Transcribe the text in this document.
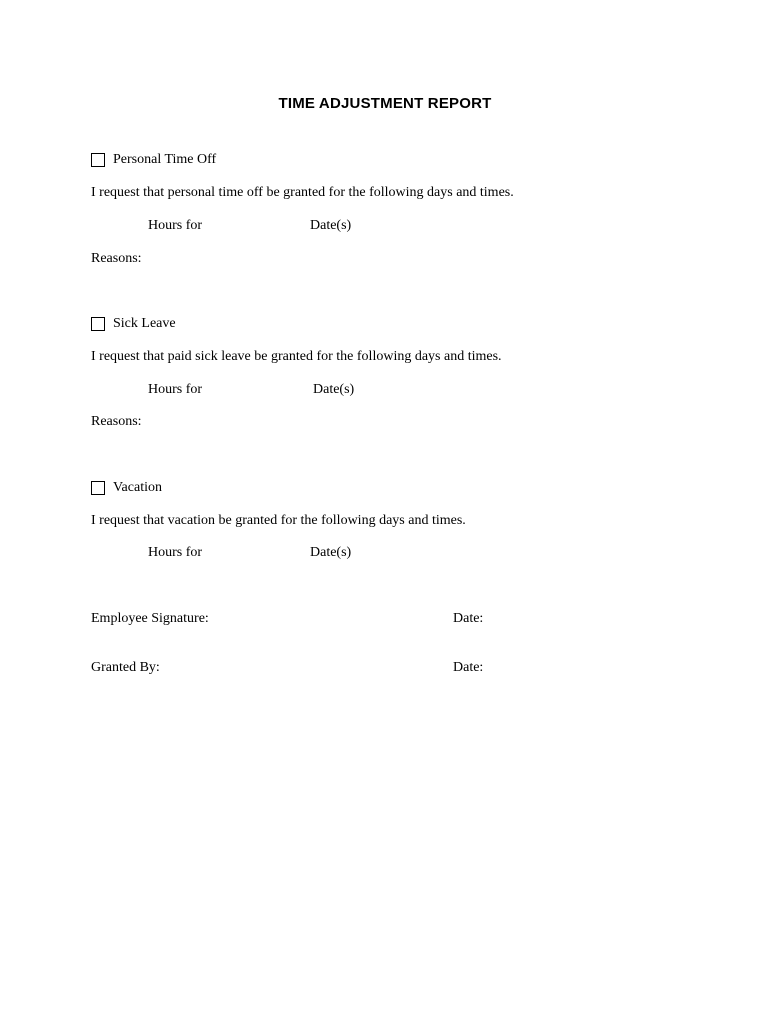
TIME ADJUSTMENT REPORT
Personal Time Off
I request that personal time off be granted for the following days and times.
Hours for	Date(s)
Reasons:
Sick Leave
I request that paid sick leave be granted for the following days and times.
Hours for	Date(s)
Reasons:
Vacation
I request that vacation be granted for the following days and times.
Hours for	Date(s)
Employee Signature:	Date:
Granted By:	Date:
